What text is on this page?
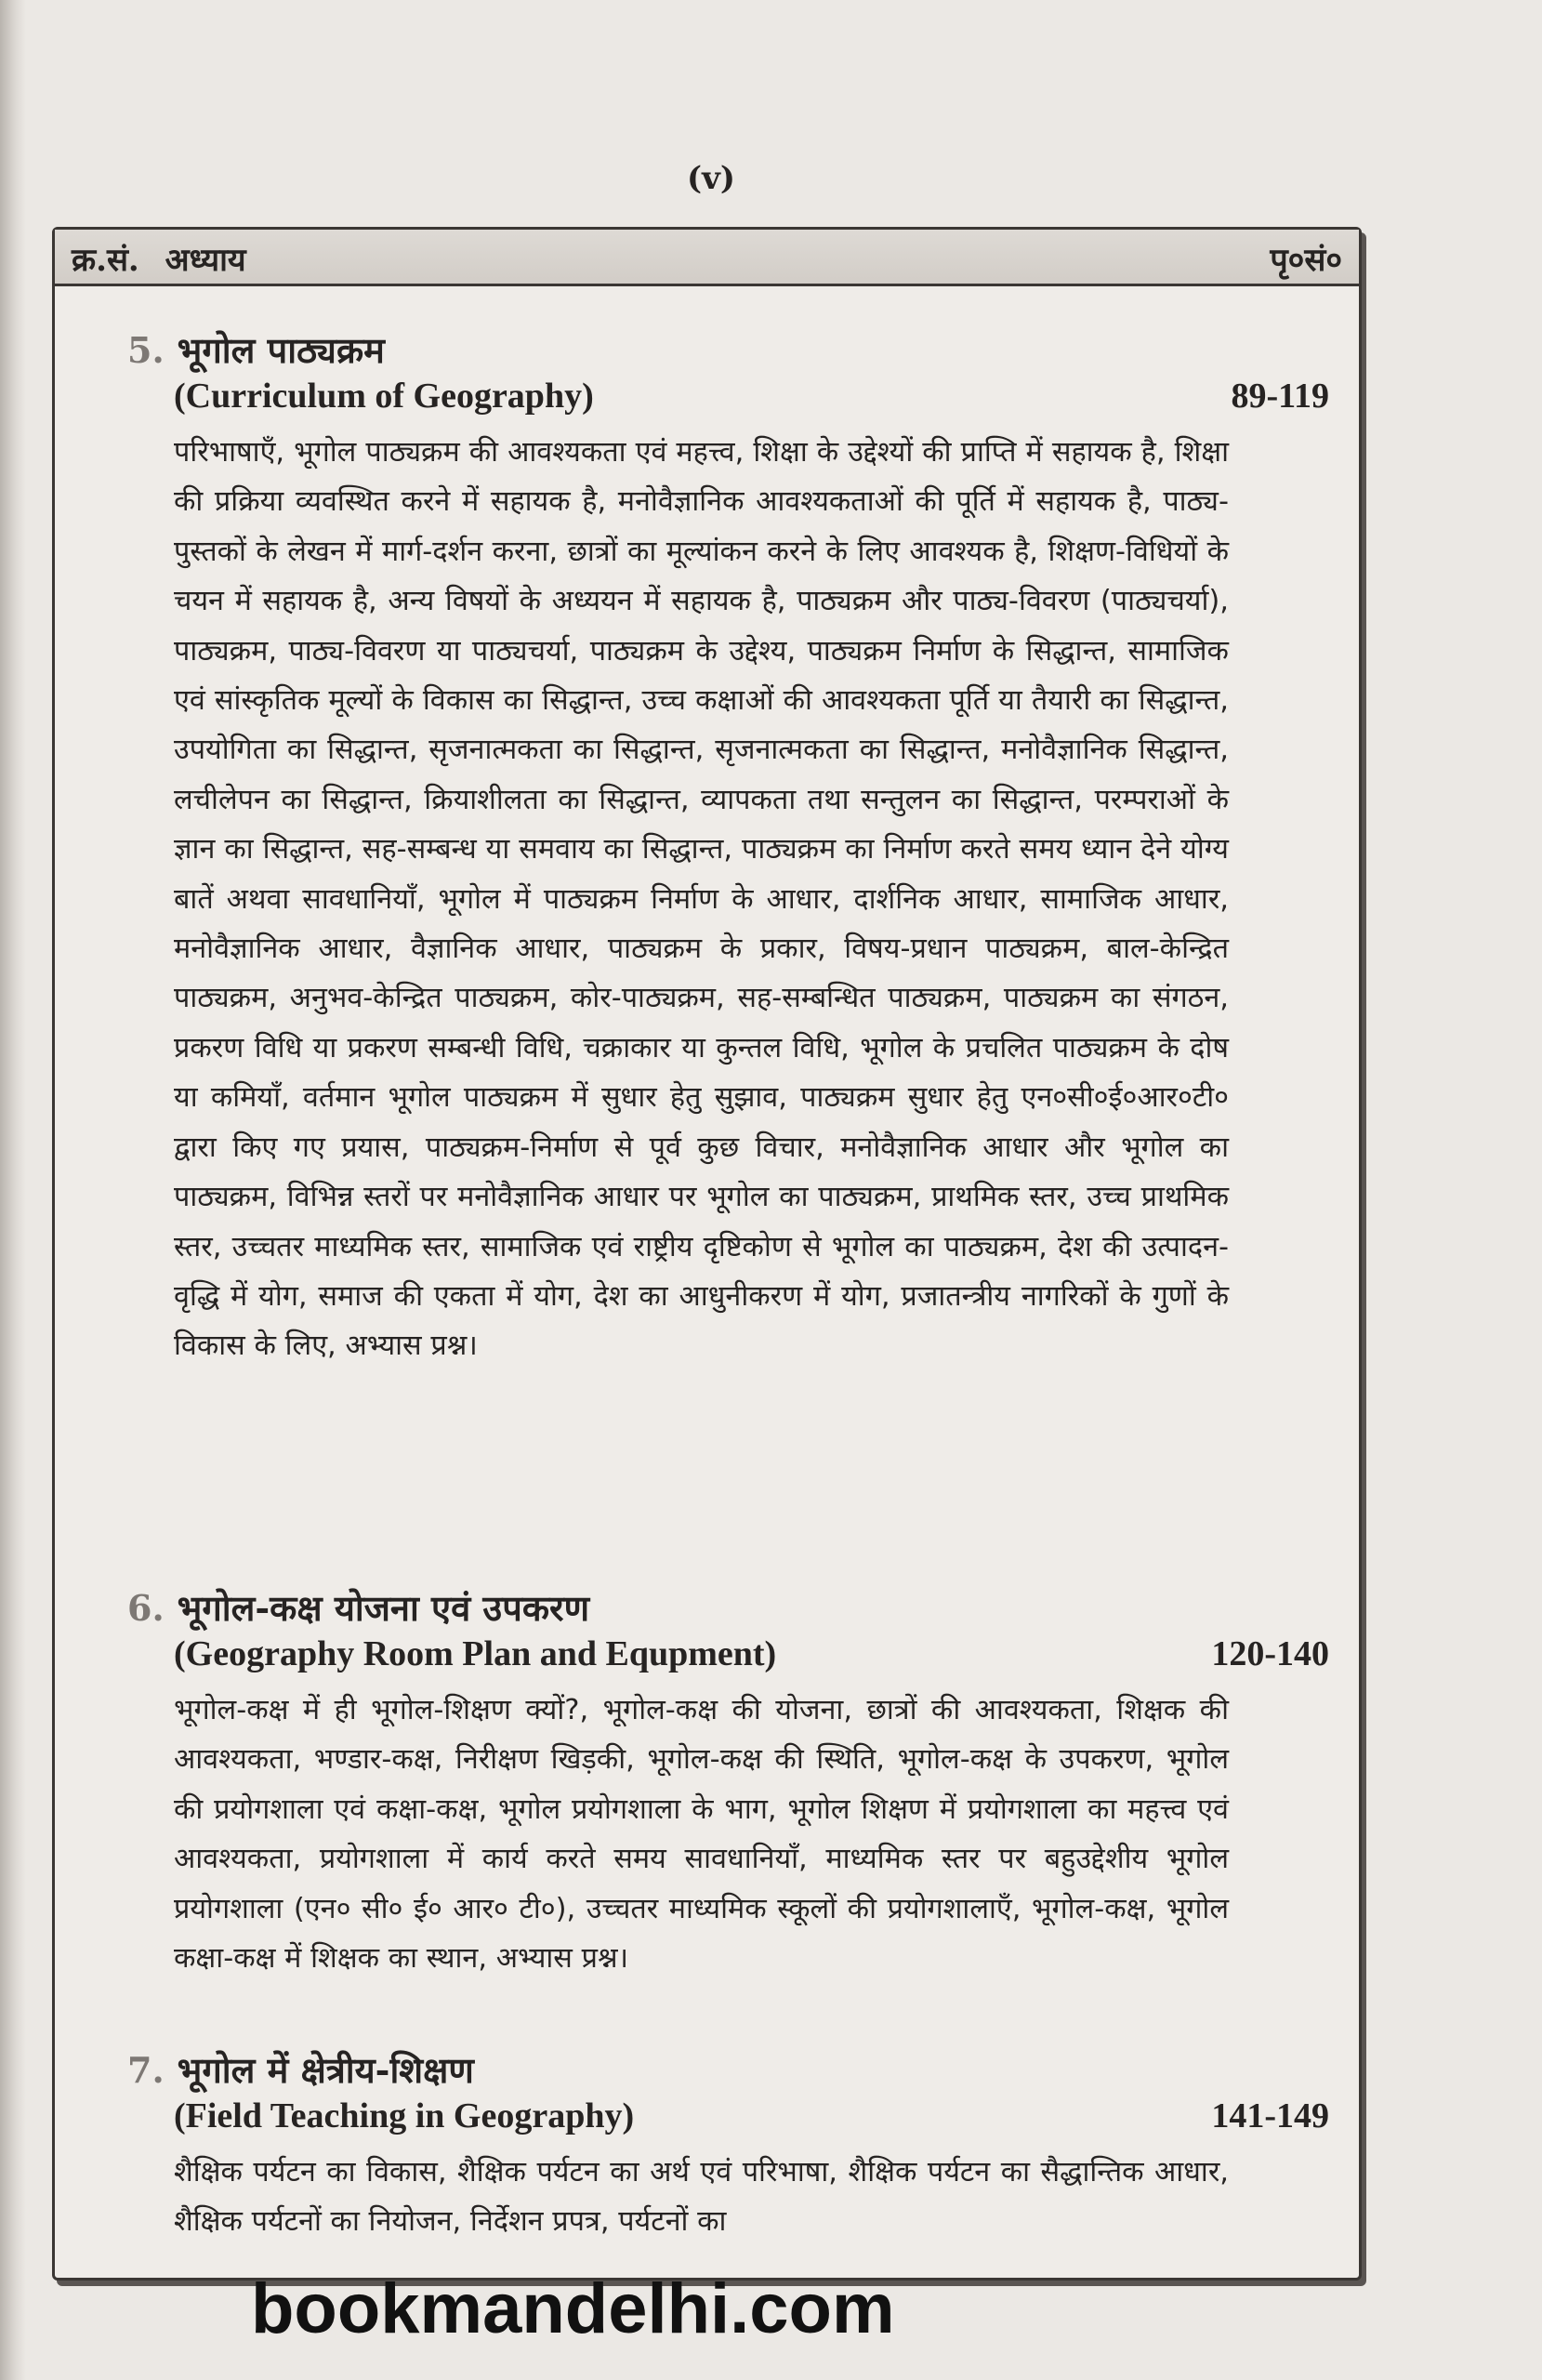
(v)
क्र.सं. अध्याय	पृ०सं०
5. भूगोल पाठ्यक्रम
(Curriculum of Geography)	89-119
परिभाषाएँ, भूगोल पाठ्यक्रम की आवश्यकता एवं महत्त्व, शिक्षा के उद्देश्यों की प्राप्ति में सहायक है, शिक्षा की प्रक्रिया व्यवस्थित करने में सहायक है, मनोवैज्ञानिक आवश्यकताओं की पूर्ति में सहायक है, पाठ्य-पुस्तकों के लेखन में मार्ग-दर्शन करना, छात्रों का मूल्यांकन करने के लिए आवश्यक है, शिक्षण-विधियों के चयन में सहायक है, अन्य विषयों के अध्ययन में सहायक है, पाठ्यक्रम और पाठ्य-विवरण (पाठ्यचर्या), पाठ्यक्रम, पाठ्य-विवरण या पाठ्यचर्या, पाठ्यक्रम के उद्देश्य, पाठ्यक्रम निर्माण के सिद्धान्त, सामाजिक एवं सांस्कृतिक मूल्यों के विकास का सिद्धान्त, उच्च कक्षाओं की आवश्यकता पूर्ति या तैयारी का सिद्धान्त, उपयोगिता का सिद्धान्त, सृजनात्मकता का सिद्धान्त, सृजनात्मकता का सिद्धान्त, मनोवैज्ञानिक सिद्धान्त, लचीलेपन का सिद्धान्त, क्रियाशीलता का सिद्धान्त, व्यापकता तथा सन्तुलन का सिद्धान्त, परम्पराओं के ज्ञान का सिद्धान्त, सह-सम्बन्ध या समवाय का सिद्धान्त, पाठ्यक्रम का निर्माण करते समय ध्यान देने योग्य बातें अथवा सावधानियाँ, भूगोल में पाठ्यक्रम निर्माण के आधार, दार्शनिक आधार, सामाजिक आधार, मनोवैज्ञानिक आधार, वैज्ञानिक आधार, पाठ्यक्रम के प्रकार, विषय-प्रधान पाठ्यक्रम, बाल-केन्द्रित पाठ्यक्रम, अनुभव-केन्द्रित पाठ्यक्रम, कोर-पाठ्यक्रम, सह-सम्बन्धित पाठ्यक्रम, पाठ्यक्रम का संगठन, प्रकरण विधि या प्रकरण सम्बन्धी विधि, चक्राकार या कुन्तल विधि, भूगोल के प्रचलित पाठ्यक्रम के दोष या कमियाँ, वर्तमान भूगोल पाठ्यक्रम में सुधार हेतु सुझाव, पाठ्यक्रम सुधार हेतु एन०सी०ई०आर०टी० द्वारा किए गए प्रयास, पाठ्यक्रम-निर्माण से पूर्व कुछ विचार, मनोवैज्ञानिक आधार और भूगोल का पाठ्यक्रम, विभिन्न स्तरों पर मनोवैज्ञानिक आधार पर भूगोल का पाठ्यक्रम, प्राथमिक स्तर, उच्च प्राथमिक स्तर, उच्चतर माध्यमिक स्तर, सामाजिक एवं राष्ट्रीय दृष्टिकोण से भूगोल का पाठ्यक्रम, देश की उत्पादन-वृद्धि में योग, समाज की एकता में योग, देश का आधुनीकरण में योग, प्रजातन्त्रीय नागरिकों के गुणों के विकास के लिए, अभ्यास प्रश्न।
6. भूगोल-कक्ष योजना एवं उपकरण
(Geography Room Plan and Equpment)	120-140
भूगोल-कक्ष में ही भूगोल-शिक्षण क्यों?, भूगोल-कक्ष की योजना, छात्रों की आवश्यकता, शिक्षक की आवश्यकता, भण्डार-कक्ष, निरीक्षण खिड़की, भूगोल-कक्ष की स्थिति, भूगोल-कक्ष के उपकरण, भूगोल की प्रयोगशाला एवं कक्षा-कक्ष, भूगोल प्रयोगशाला के भाग, भूगोल शिक्षण में प्रयोगशाला का महत्त्व एवं आवश्यकता, प्रयोगशाला में कार्य करते समय सावधानियाँ, माध्यमिक स्तर पर बहुउद्देशीय भूगोल प्रयोगशाला (एन० सी० ई० आर० टी०), उच्चतर माध्यमिक स्कूलों की प्रयोगशालाएँ, भूगोल-कक्ष, भूगोल कक्षा-कक्ष में शिक्षक का स्थान, अभ्यास प्रश्न।
7. भूगोल में क्षेत्रीय-शिक्षण
(Field Teaching in Geography)	141-149
शैक्षिक पर्यटन का विकास, शैक्षिक पर्यटन का अर्थ एवं परिभाषा, शैक्षिक पर्यटन का सैद्धान्तिक आधार, शैक्षिक पर्यटनों का नियोजन, निर्देशन प्रपत्र, पर्यटनों का
bookmandelhi.com
